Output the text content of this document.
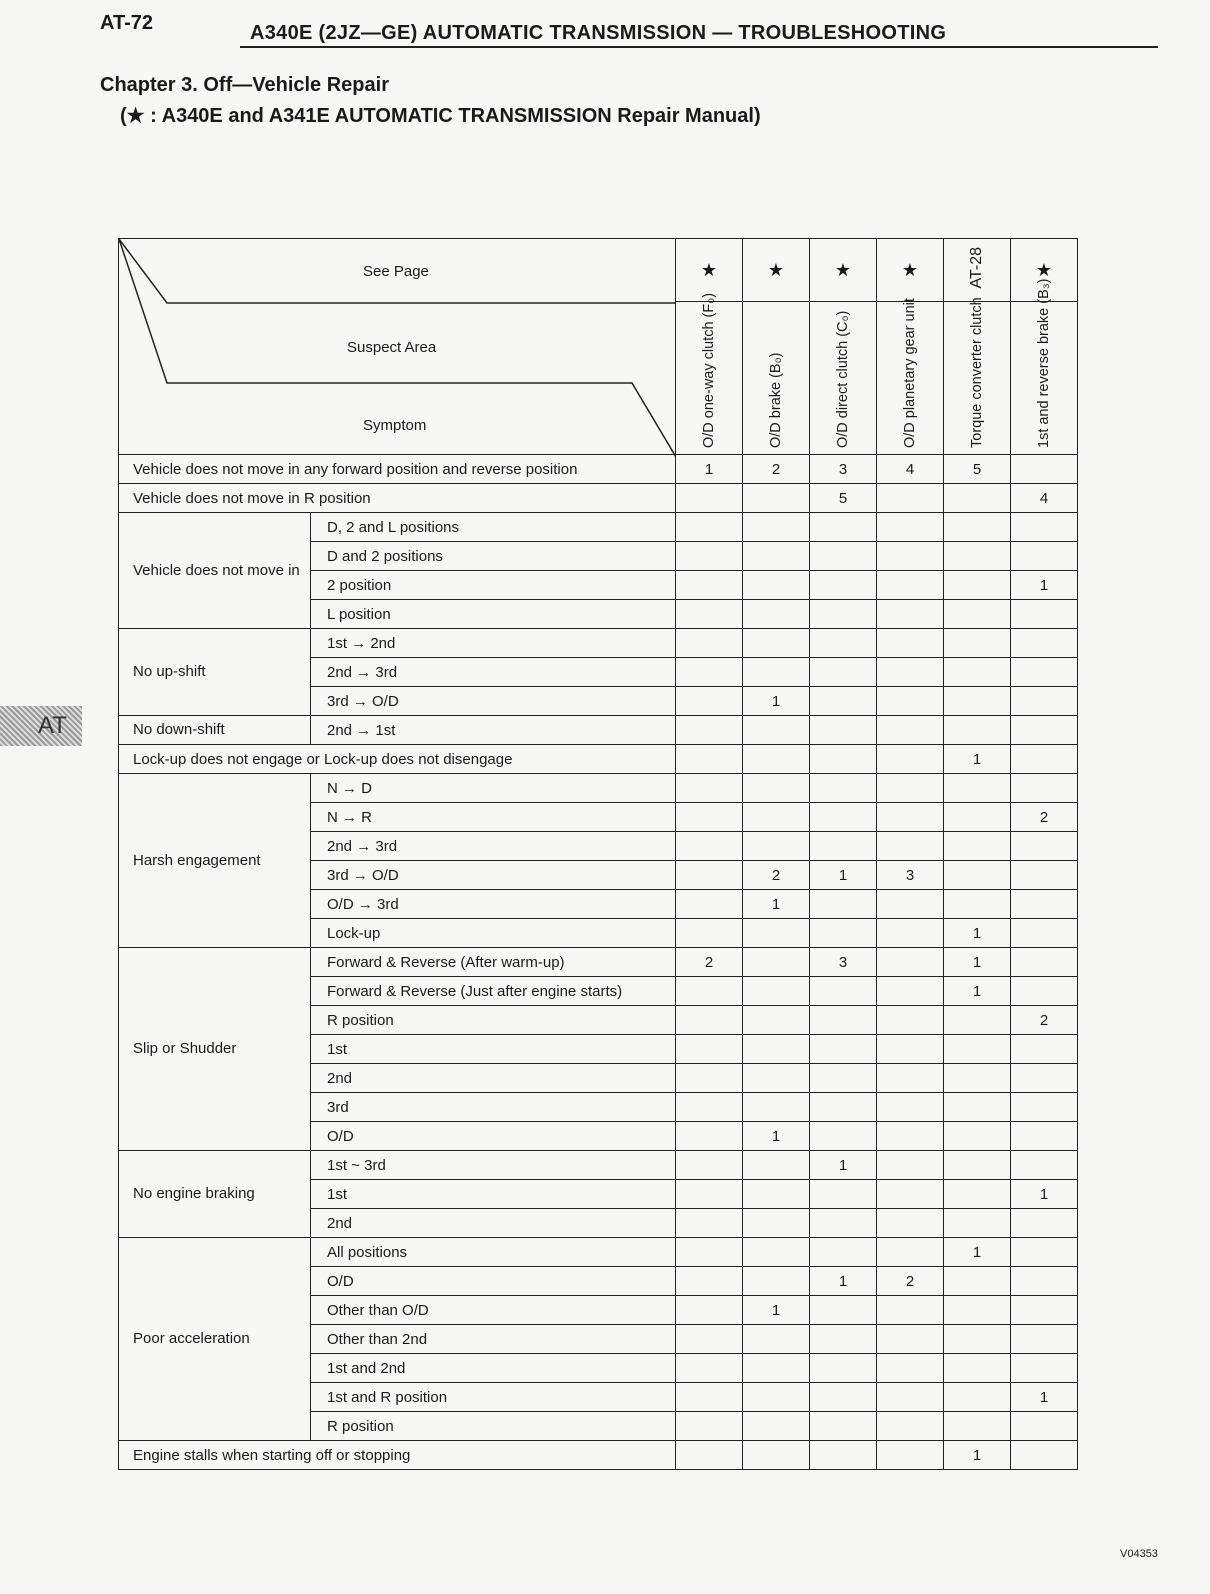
AT-72	A340E (2JZ—GE) AUTOMATIC TRANSMISSION — TROUBLESHOOTING
Chapter 3. Off—Vehicle Repair
(★ : A340E and A341E AUTOMATIC TRANSMISSION Repair Manual)
AT
V04353
See Page
Suspect Area
Symptom		★	★	★	★	AT-28	★

		O/D one-way clutch (F₀)	O/D brake (B₀)	O/D direct clutch (C₀)	O/D planetary gear unit	Torque converter clutch	1st and reverse brake (B₃)

Vehicle does not move in any forward position and reverse position		1	2	3	4	5	
Vehicle does not move in R position				5			4
Vehicle does not move in	D, 2 and L positions						
	D and 2 positions						
	2 position						1
	L position						
No up-shift	1st → 2nd						
	2nd → 3rd						
	3rd → O/D		1				
No down-shift	2nd → 1st						
Lock-up does not engage or Lock-up does not disengage						1	
Harsh engagement	N → D						
	N → R						2
	2nd → 3rd						
	3rd → O/D		2	1	3		
	O/D → 3rd		1				
	Lock-up					1	
Slip or Shudder	Forward & Reverse (After warm-up)	2		3		1	
	Forward & Reverse (Just after engine starts)					1	
	R position						2
	1st						
	2nd						
	3rd						
	O/D		1				
No engine braking	1st ~ 3rd			1			
	1st						1
	2nd						
Poor acceleration	All positions					1	
	O/D			1	2		
	Other than O/D		1				
	Other than 2nd						
	1st and 2nd						
	1st and R position						1
	R position						
Engine stalls when starting off or stopping						1	
